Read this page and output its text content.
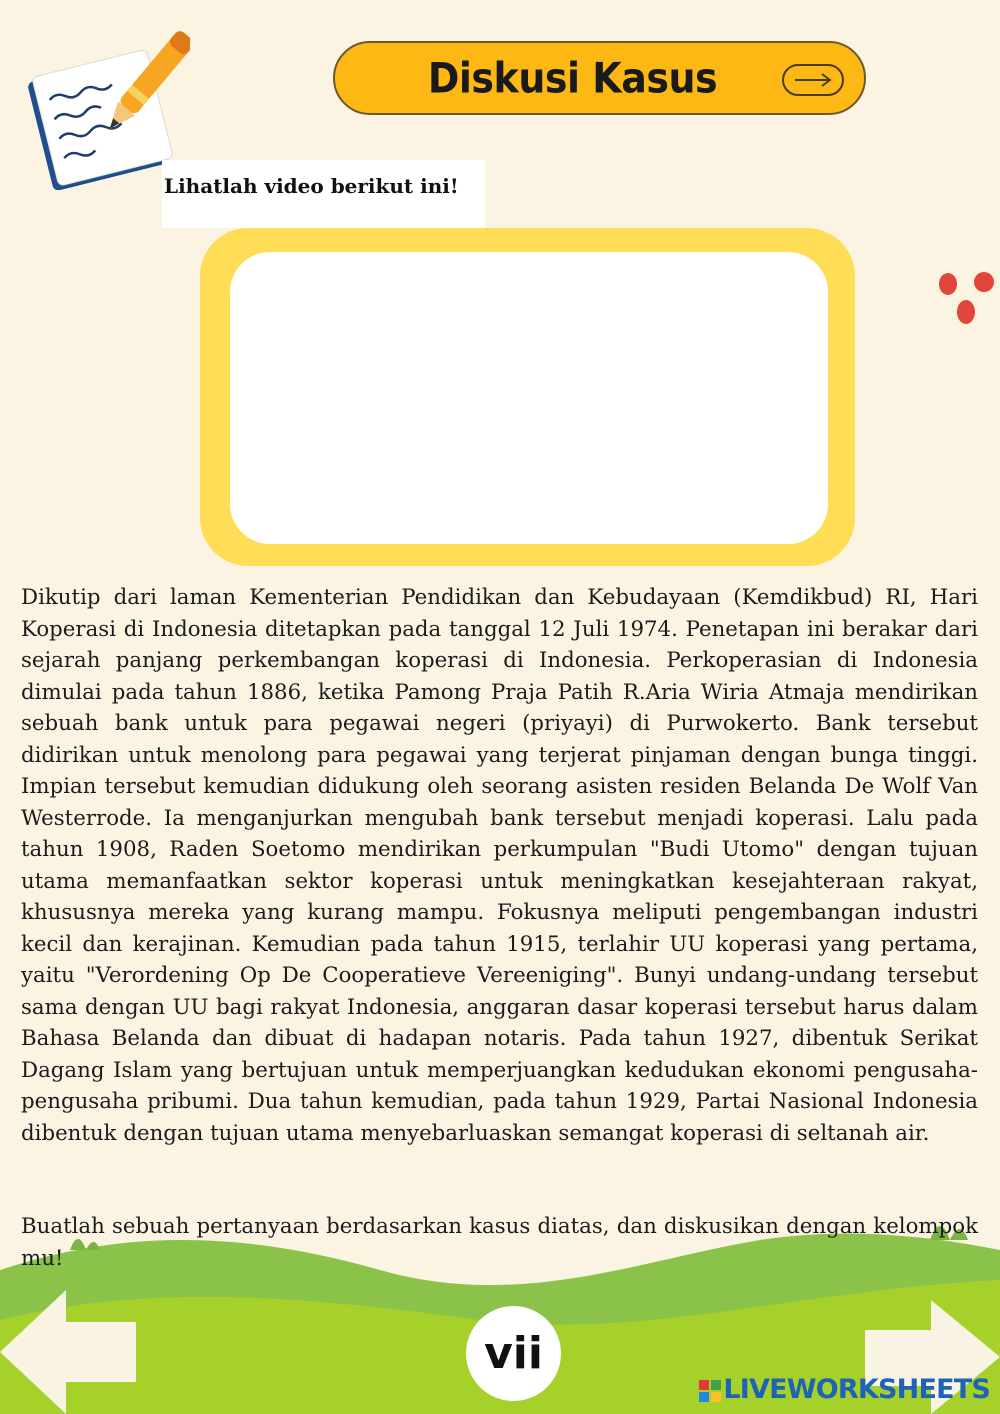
Diskusi Kasus
Lihatlah video berikut ini!

Dikutip dari laman Kementerian Pendidikan dan Kebudayaan (Kemdikbud) RI, Hari Koperasi di Indonesia ditetapkan pada tanggal 12 Juli 1974. Penetapan ini berakar dari sejarah panjang perkembangan koperasi di Indonesia. Perkoperasian di Indonesia dimulai pada tahun 1886, ketika Pamong Praja Patih R.Aria Wiria Atmaja mendirikan sebuah bank untuk para pegawai negeri (priyayi) di Purwokerto. Bank tersebut didirikan untuk menolong para pegawai yang terjerat pinjaman dengan bunga tinggi. Impian tersebut kemudian didukung oleh seorang asisten residen Belanda De Wolf Van Westerrode. Ia menganjurkan mengubah bank tersebut menjadi koperasi. Lalu pada tahun 1908, Raden Soetomo mendirikan perkumpulan "Budi Utomo" dengan tujuan utama memanfaatkan sektor koperasi untuk meningkatkan kesejahteraan rakyat, khususnya mereka yang kurang mampu. Fokusnya meliputi pengembangan industri kecil dan kerajinan. Kemudian pada tahun 1915, terlahir UU koperasi yang pertama, yaitu "Verordening Op De Cooperatieve Vereeniging". Bunyi undang-undang tersebut sama dengan UU bagi rakyat Indonesia, anggaran dasar koperasi tersebut harus dalam Bahasa Belanda dan dibuat di hadapan notaris. Pada tahun 1927, dibentuk Serikat Dagang Islam yang bertujuan untuk memperjuangkan kedudukan ekonomi pengusaha-pengusaha pribumi. Dua tahun kemudian, pada tahun 1929, Partai Nasional Indonesia dibentuk dengan tujuan utama menyebarluaskan semangat koperasi di seltanah air.

Buatlah sebuah pertanyaan berdasarkan kasus diatas, dan diskusikan dengan kelompok mu!

vii
LIVEWORKSHEETS
